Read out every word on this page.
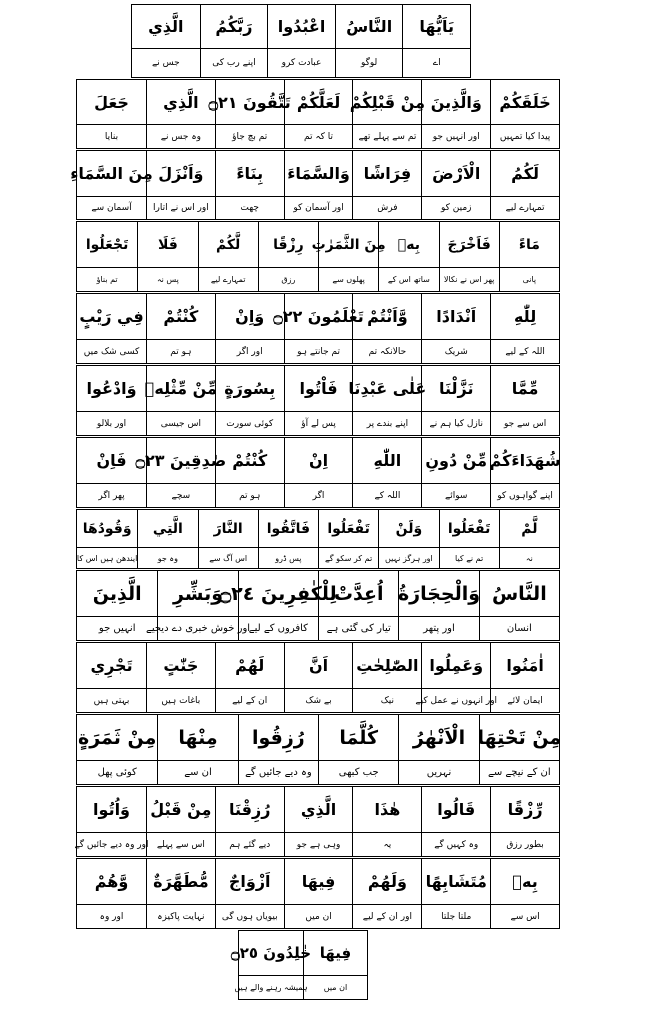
يَاَيُّهَا
النَّاسُ
اعْبُدُوا
رَبَّكُمُ
الَّذِي
اے
لوگو
عبادت کرو
اپنے رب کی
جس نے
خَلَقَكُمْ
وَالَّذِينَ
مِنْ قَبْلِكُمْ
لَعَلَّكُمْ
تَتَّقُونَ ۝٢١
الَّذِي
جَعَلَ
پیدا کیا تمہیں
اور انہیں جو
تم سے پہلے تھے
تا کہ تم
تم بچ جاؤ
وہ جس نے
بنایا
لَكُمُ
الْاَرْضَ
فِرَاشًا
وَالسَّمَاءَ
بِنَاءً
وَاَنْزَلَ
مِنَ السَّمَاءِ
تمہارے لیے
زمین کو
فرش
اور آسمان کو
چھت
اور اس نے اتارا
آسمان سے
مَاءً
فَاَخْرَجَ
بِهٖ
مِنَ الثَّمَرٰتِ
رِزْقًا
لَّكُمْ
فَلَا
تَجْعَلُوا
پانی
پھر اس نے نکالا
ساتھ اس کے
پھلوں سے
رزق
تمہارے لیے
پس نہ
تم بناؤ
لِلّٰهِ
اَنْدَادًا
وَّاَنْتُمْ
تَعْلَمُونَ ۝٢٢
وَاِنْ
كُنْتُمْ
فِي رَيْبٍ
اللہ کے لیے
شریک
حالانکہ تم
تم جانتے ہو
اور اگر
ہو تم
کسی شک میں
مِّمَّا
نَزَّلْنَا
عَلٰى عَبْدِنَا
فَاْتُوا
بِسُورَةٍ
مِّنْ مِّثْلِهٖ
وَادْعُوا
اس سے جو
نازل کیا ہم نے
اپنے بندے پر
پس لے آؤ
کوئی سورت
اس جیسی
اور بلالو
شُهَدَاءَكُمْ
مِّنْ دُونِ
اللّٰهِ
اِنْ
كُنْتُمْ
صٰدِقِينَ ۝٢٣
فَاِنْ
اپنے گواہوں کو
سوائے
اللہ کے
اگر
ہو تم
سچے
پھر اگر
لَّمْ
تَفْعَلُوا
وَلَنْ
تَفْعَلُوا
فَاتَّقُوا
النَّارَ
الَّتِي
وَقُودُهَا
نہ
تم نے کیا
اور ہرگز نہیں
تم کر سکو گے
پس ڈرو
اس آگ سے
وہ جو
ایندھن ہیں اس کا
النَّاسُ
وَالْحِجَارَةُ
اُعِدَّتْ
لِلْكٰفِرِينَ ۝٢٤
وَبَشِّرِ
الَّذِينَ
انسان
اور پتھر
تیار کی گئی ہے
کافروں کے لیے
اور خوش خبری دے دیجیے
انہیں جو
اٰمَنُوا
وَعَمِلُوا
الصّٰلِحٰتِ
اَنَّ
لَهُمْ
جَنّٰتٍ
تَجْرِي
ایمان لائے
اور انہوں نے عمل کیے
نیک
بے شک
ان کے لیے
باغات ہیں
بہتی ہیں
مِنْ تَحْتِهَا
الْاَنْهٰرُ
كُلَّمَا
رُزِقُوا
مِنْهَا
مِنْ ثَمَرَةٍ
ان کے نیچے سے
نہریں
جب کبھی
وہ دیے جائیں گے
ان سے
کوئی پھل
رِّزْقًا
قَالُوا
هٰذَا
الَّذِي
رُزِقْنَا
مِنْ قَبْلُ
وَاُتُوا
بطور رزق
وہ کہیں گے
یہ
وہی ہے جو
دیے گئے ہم
اس سے پہلے
اور وہ دیے جائیں گے
بِهٖ
مُتَشَابِهًا
وَلَهُمْ
فِيهَا
اَزْوَاجٌ
مُّطَهَّرَةٌ
وَّهُمْ
اس سے
ملتا جلتا
اور ان کے لیے
ان میں
بیویاں ہوں گی
نہایت پاکیزہ
اور وہ
فِيهَا
خٰلِدُونَ ۝٢٥
ان میں
ہمیشہ رہنے والے ہیں
